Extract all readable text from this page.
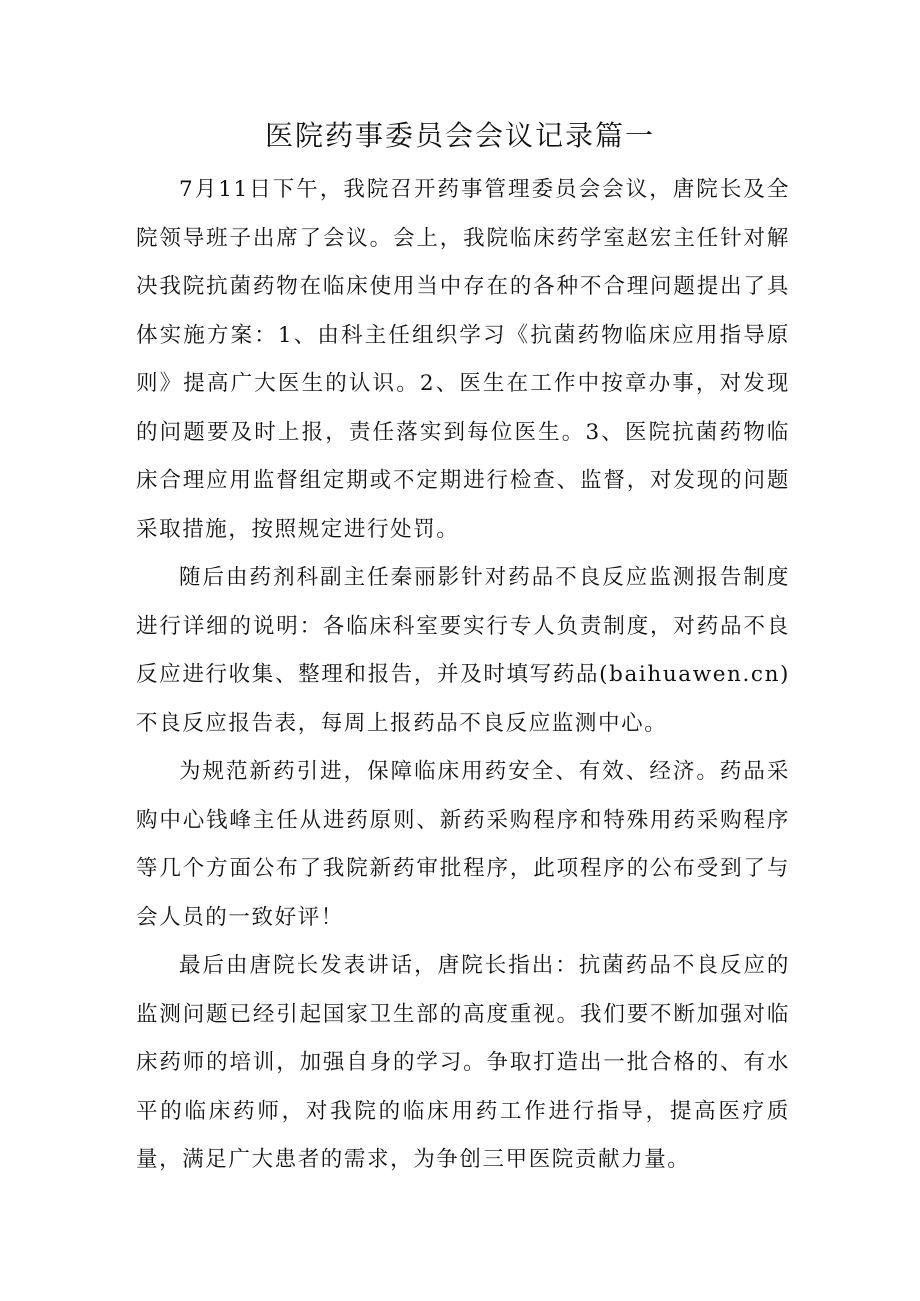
医院药事委员会会议记录篇一

7月11日下午，我院召开药事管理委员会会议，唐院长及全院领导班子出席了会议。会上，我院临床药学室赵宏主任针对解决我院抗菌药物在临床使用当中存在的各种不合理问题提出了具体实施方案：1、由科主任组织学习《抗菌药物临床应用指导原则》提高广大医生的认识。2、医生在工作中按章办事，对发现的问题要及时上报，责任落实到每位医生。3、医院抗菌药物临床合理应用监督组定期或不定期进行检查、监督，对发现的问题采取措施，按照规定进行处罚。

随后由药剂科副主任秦丽影针对药品不良反应监测报告制度进行详细的说明：各临床科室要实行专人负责制度，对药品不良反应进行收集、整理和报告，并及时填写药品(baihuawen.cn)不良反应报告表，每周上报药品不良反应监测中心。

为规范新药引进，保障临床用药安全、有效、经济。药品采购中心钱峰主任从进药原则、新药采购程序和特殊用药采购程序等几个方面公布了我院新药审批程序，此项程序的公布受到了与会人员的一致好评！

最后由唐院长发表讲话，唐院长指出：抗菌药品不良反应的监测问题已经引起国家卫生部的高度重视。我们要不断加强对临床药师的培训，加强自身的学习。争取打造出一批合格的、有水平的临床药师，对我院的临床用药工作进行指导，提高医疗质量，满足广大患者的需求，为争创三甲医院贡献力量。
